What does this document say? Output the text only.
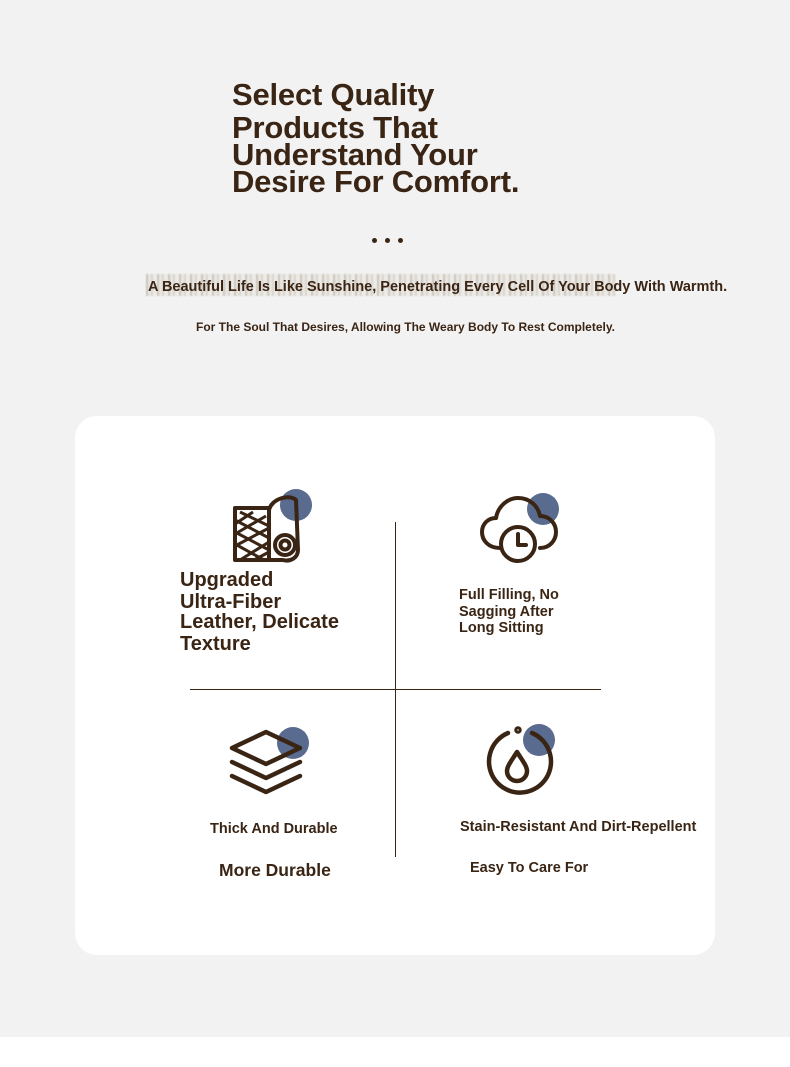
Select Quality
Products That
Understand Your
Desire For Comfort.
A Beautiful Life Is Like Sunshine, Penetrating Every Cell Of Your Body With Warmth.
For The Soul That Desires, Allowing The Weary Body To Rest Completely.
Upgraded
Ultra-Fiber
Leather, Delicate
Texture
Full Filling, No
Sagging After
Long Sitting
Thick And Durable
More Durable
Stain-Resistant And Dirt-Repellent
Easy To Care For
